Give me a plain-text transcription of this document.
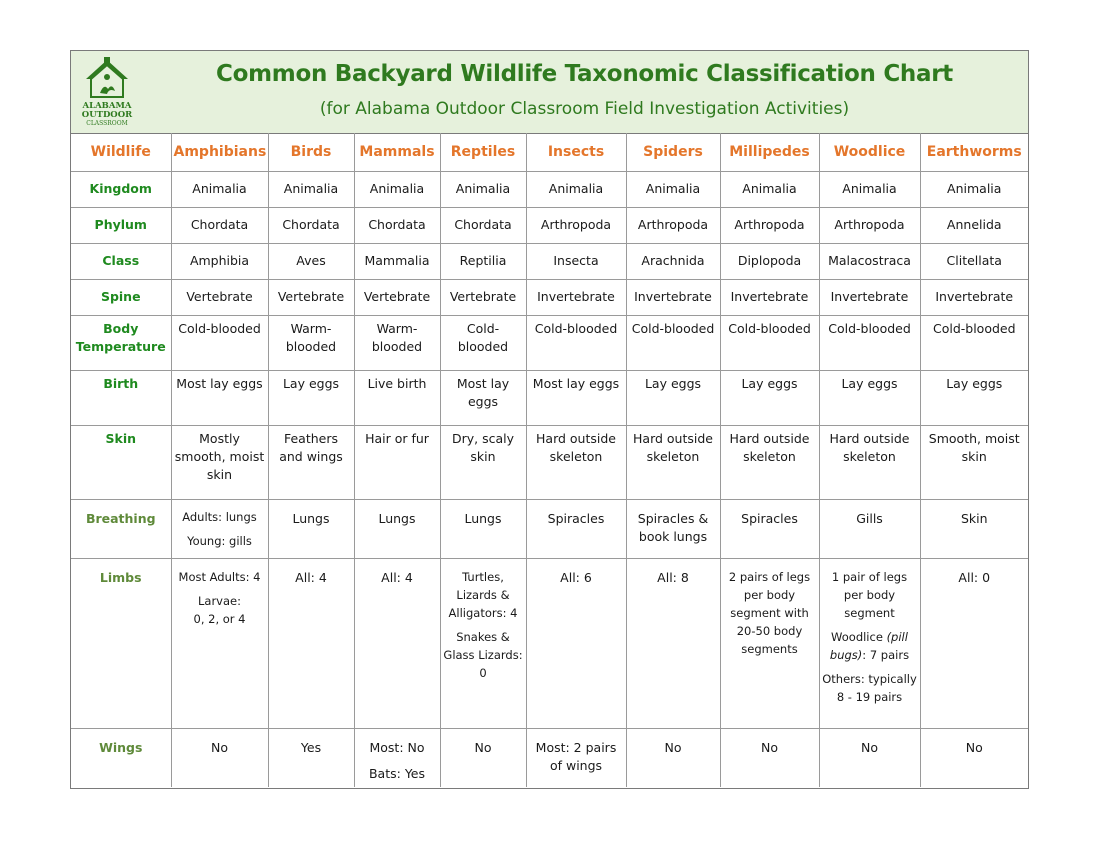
ALABAMA
OUTDOOR
CLASSROOM
Common Backyard Wildlife Taxonomic Classification Chart
(for Alabama Outdoor Classroom Field Investigation Activities)
Wildlife	Amphibians	Birds	Mammals	Reptiles	Insects	Spiders	Millipedes	Woodlice	Earthworms
Kingdom	Animalia	Animalia	Animalia	Animalia	Animalia	Animalia	Animalia	Animalia	Animalia
Phylum	Chordata	Chordata	Chordata	Chordata	Arthropoda	Arthropoda	Arthropoda	Arthropoda	Annelida
Class	Amphibia	Aves	Mammalia	Reptilia	Insecta	Arachnida	Diplopoda	Malacostraca	Clitellata
Spine	Vertebrate	Vertebrate	Vertebrate	Vertebrate	Invertebrate	Invertebrate	Invertebrate	Invertebrate	Invertebrate
Body Temperature	Cold-blooded	Warm-blooded	Warm-blooded	Cold-blooded	Cold-blooded	Cold-blooded	Cold-blooded	Cold-blooded	Cold-blooded
Birth	Most lay eggs	Lay eggs	Live birth	Most lay eggs	Most lay eggs	Lay eggs	Lay eggs	Lay eggs	Lay eggs
Skin	Mostly smooth, moist skin	Feathers and wings	Hair or fur	Dry, scaly skin	Hard outside skeleton	Hard outside skeleton	Hard outside skeleton	Hard outside skeleton	Smooth, moist skin
Breathing	Adults: lungs
Young: gills	Lungs	Lungs	Lungs	Spiracles	Spiracles & book lungs	Spiracles	Gills	Skin
Limbs	Most Adults: 4
Larvae:
0, 2, or 4	All: 4	All: 4	Turtles, Lizards & Alligators: 4
Snakes & Glass Lizards: 0	All: 6	All: 8	2 pairs of legs per body segment with 20-50 body segments	1 pair of legs per body segment
Woodlice (pill bugs): 7 pairs
Others: typically
8 - 19 pairs	All: 0
Wings	No	Yes	Most: No
Bats: Yes	No	Most: 2 pairs of wings	No	No	No	No
